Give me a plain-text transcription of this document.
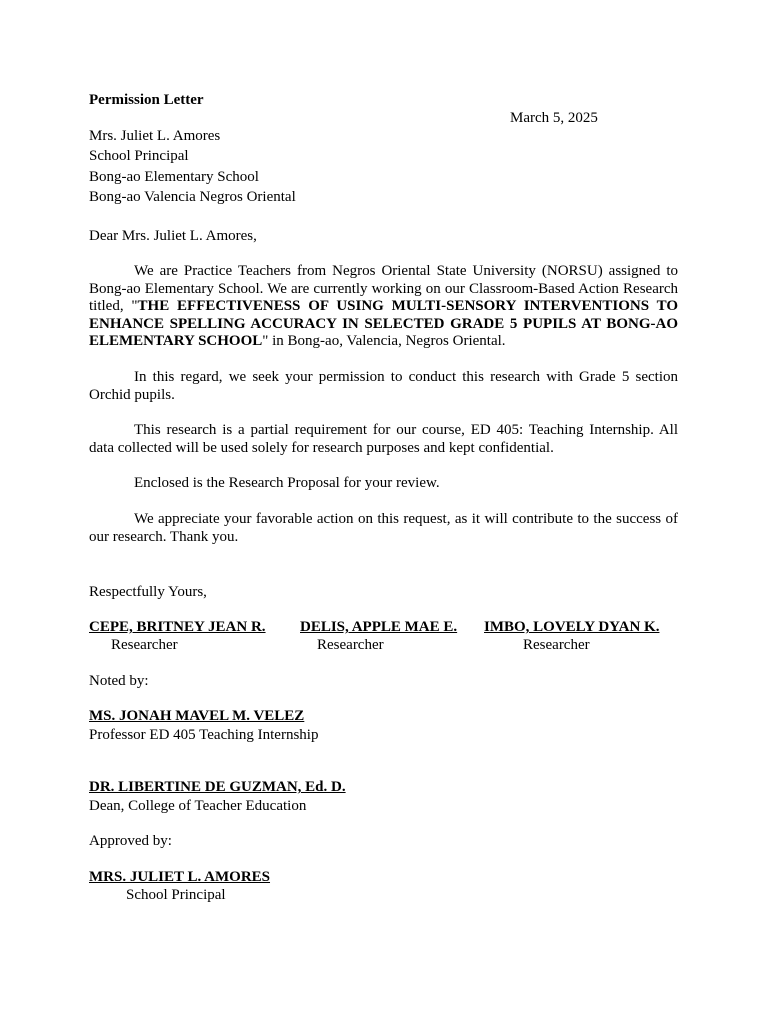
Permission Letter
March 5, 2025
Mrs. Juliet L. Amores
School Principal
Bong-ao Elementary School
Bong-ao Valencia Negros Oriental
Dear Mrs. Juliet L. Amores,
We are Practice Teachers from Negros Oriental State University (NORSU) assigned to Bong-ao Elementary School. We are currently working on our Classroom-Based Action Research titled, "THE EFFECTIVENESS OF USING MULTI-SENSORY INTERVENTIONS TO ENHANCE SPELLING ACCURACY IN SELECTED GRADE 5 PUPILS AT BONG-AO ELEMENTARY SCHOOL" in Bong-ao, Valencia, Negros Oriental.
In this regard, we seek your permission to conduct this research with Grade 5 section Orchid pupils.
This research is a partial requirement for our course, ED 405: Teaching Internship. All data collected will be used solely for research purposes and kept confidential.
Enclosed is the Research Proposal for your review.
We appreciate your favorable action on this request, as it will contribute to the success of our research. Thank you.
Respectfully Yours,
CEPE, BRITNEY JEAN R.
Researcher
DELIS, APPLE MAE E.
Researcher
IMBO, LOVELY DYAN K.
Researcher
Noted by:
MS. JONAH MAVEL M. VELEZ
Professor ED 405 Teaching Internship
DR. LIBERTINE DE GUZMAN, Ed. D.
Dean, College of Teacher Education
Approved by:
MRS. JULIET L. AMORES
School Principal
